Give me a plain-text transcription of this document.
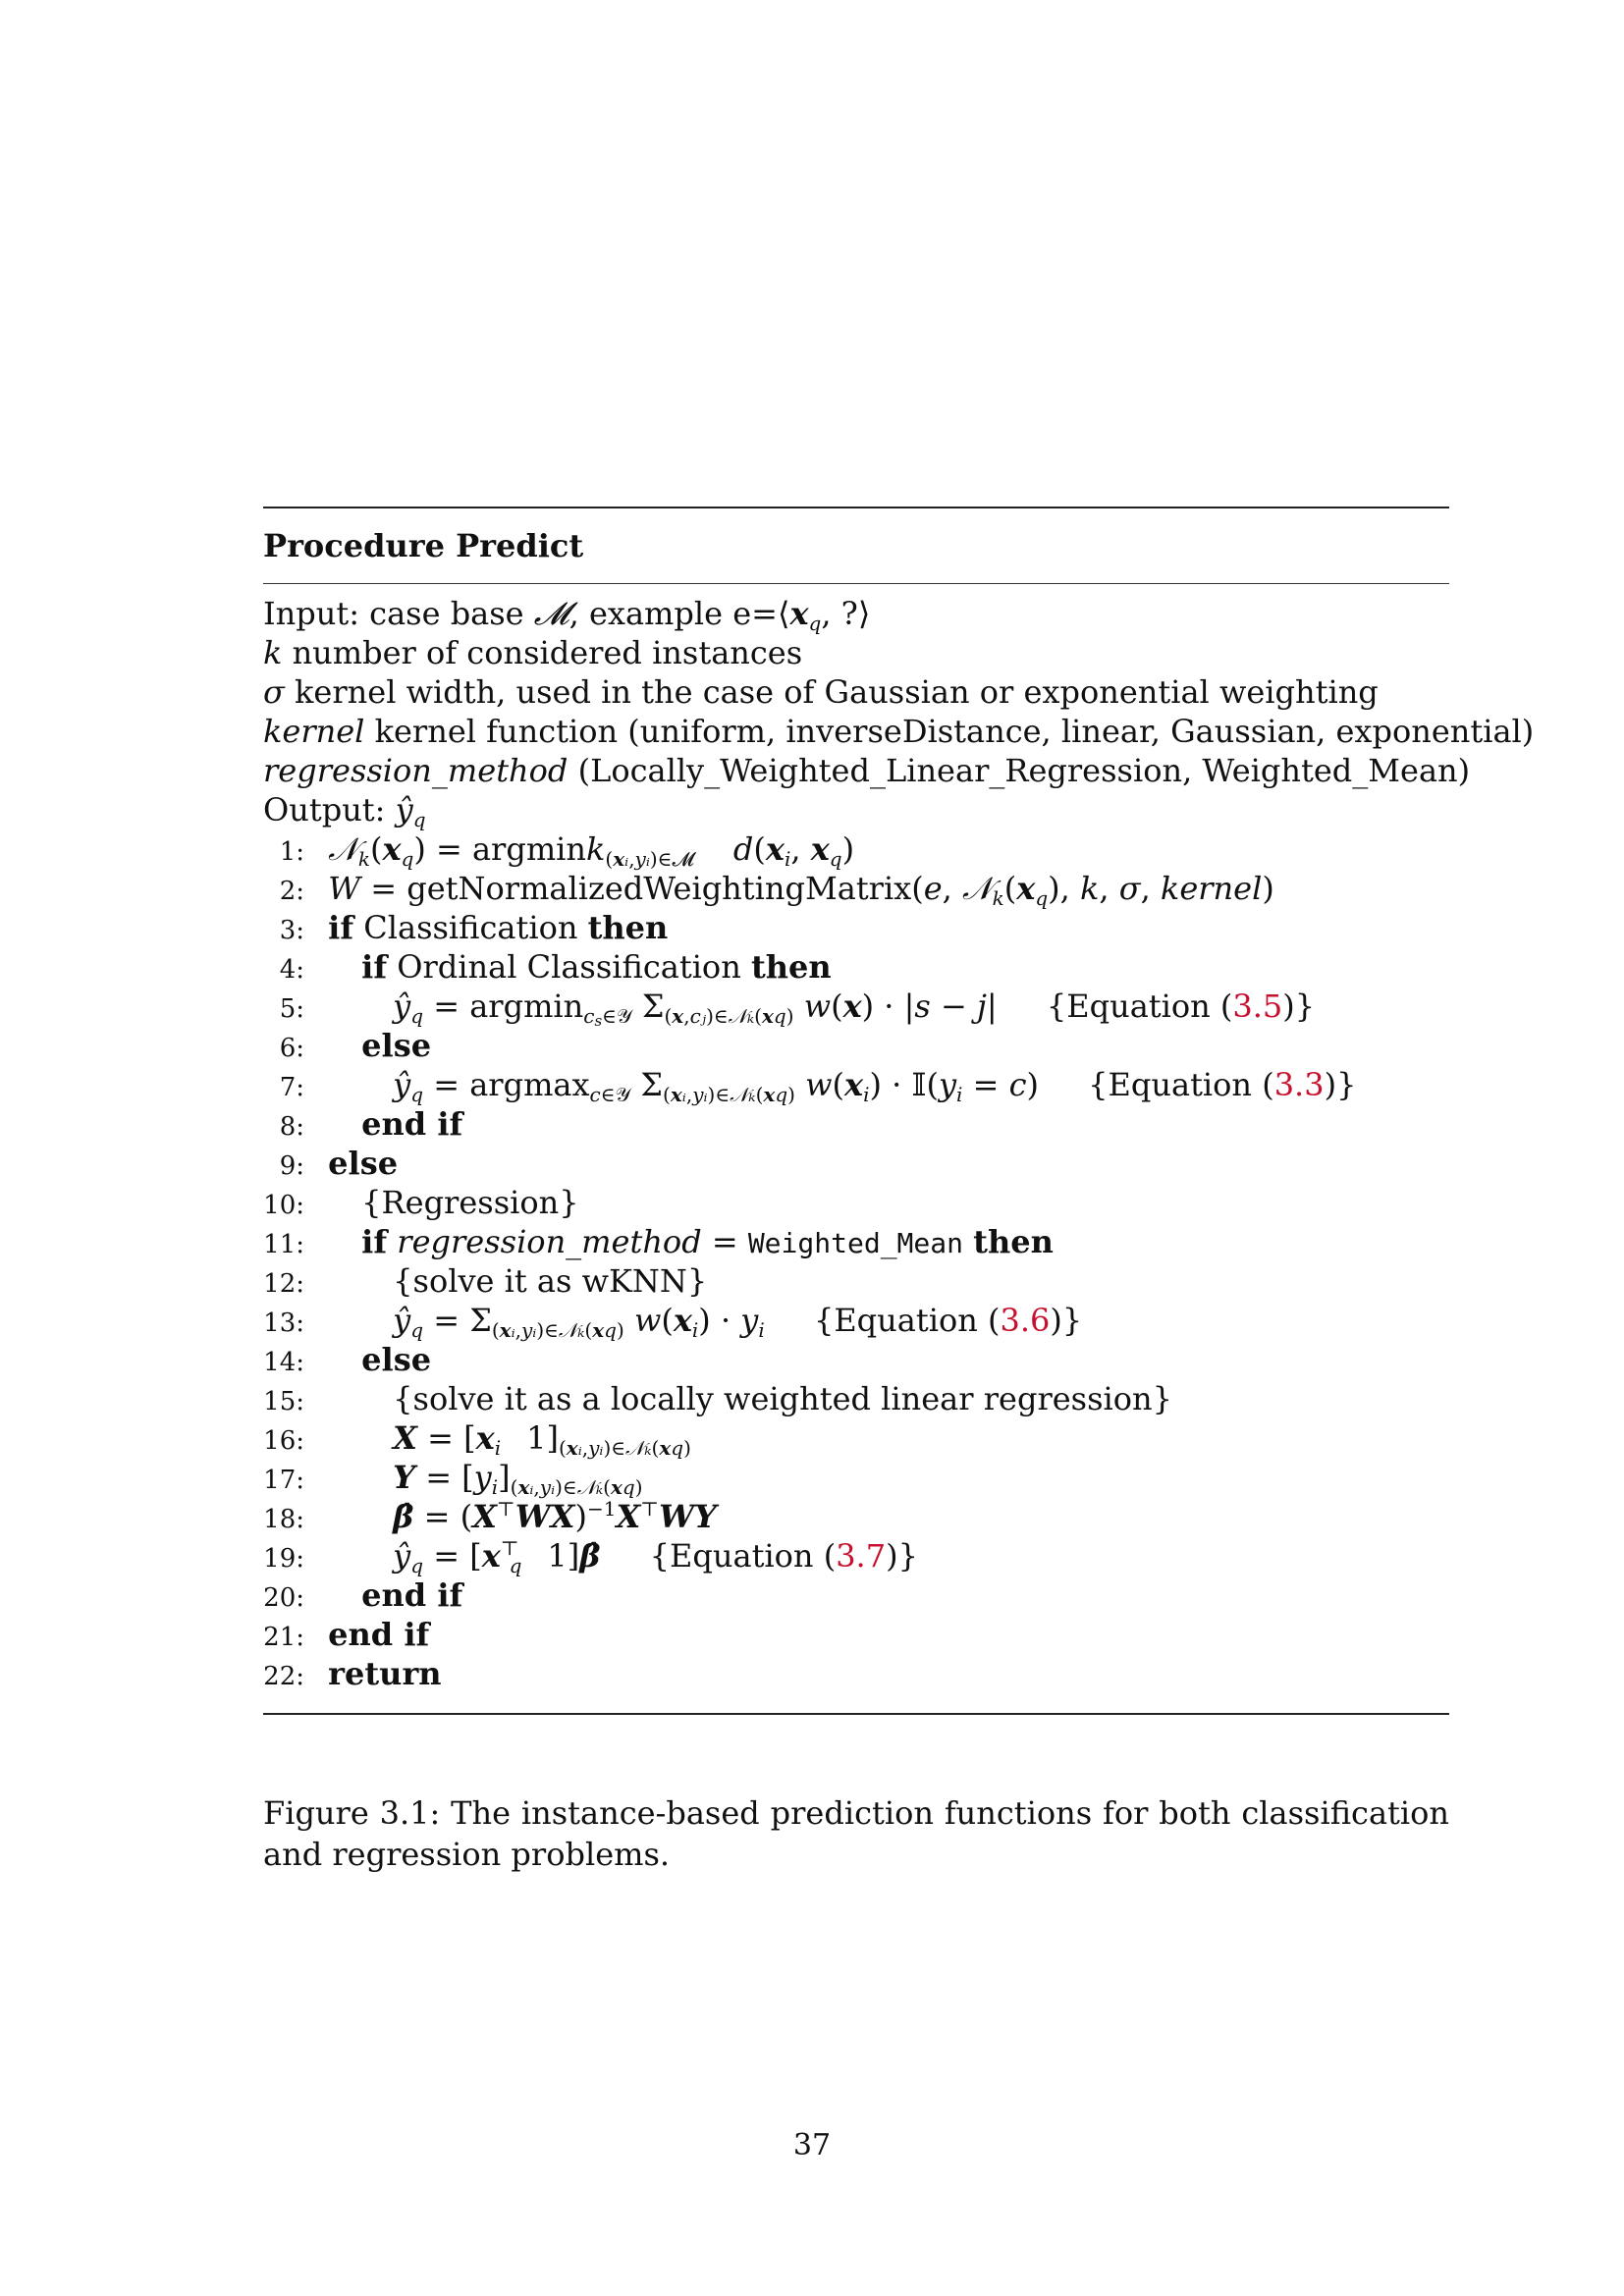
Procedure Predict
Input: case base 𝓜, example $e=⟨x_q$, ?⟩
k number of considered instances
σ kernel width, used in the case of Gaussian or exponential weighting
kernel kernel function (uniform, inverseDistance, linear, Gaussian, exponential)
regression_method (Locally_Weighted_Linear_Regression, Weighted_Mean)
Output: $ŷ_q$
1: $𝒩_k(x_q) = argmink_{(xᵢ,yᵢ)\in 𝓜}$ $d(x_i$, $x_q$)
2: W = getNormalizedWeightingMatrix(e, $𝒩_k(x_q)$, k, σ, kernel)
3: if Classification then
4: if Ordinal Classification then
5:	$ŷ_q = argmin_{c_s\in 𝒴}$ $\Sigma_{(x,cⱼ)\in 𝒩_k(xq)}$ w(x) · |s − j| {Equation (3.5)}
6: else
7:	$ŷ_q = argmax_{c\in 𝒴}$ $\Sigma_{(xᵢ,yᵢ)\in 𝒩_k(xq)}$ $w(x_i)$ · $𝕀(y_i = c)$ {Equation (3.3)}
8: end if
9: else
10: {Regression}
11: if regression_method = Weighted_Mean then
12:	{solve it as wKNN}
13:	$ŷ_q = \Sigma_{(xᵢ,yᵢ)\in 𝒩_k(xq)}$ $w(x_i) \cdot y_i$ {Equation (3.6)}
14: else
15:	{solve it as a locally weighted linear regression}
16:	$X = [x_i$ $1]_{(xᵢ,yᵢ)\in 𝒩_k(xq)}$
17:	$Y = [y_i]_{(xᵢ,yᵢ)\in 𝒩_k(xq)}$
18:	β̂ = $(X^⊤WX)^{-1}X^⊤WY$
19:	$ŷ_q = [x^⊤_q$ 1]β̂ {Equation (3.7)}
20: end if
21: end if
22: return
Figure 3.1: The instance-based prediction functions for both classification and regression problems.
37
